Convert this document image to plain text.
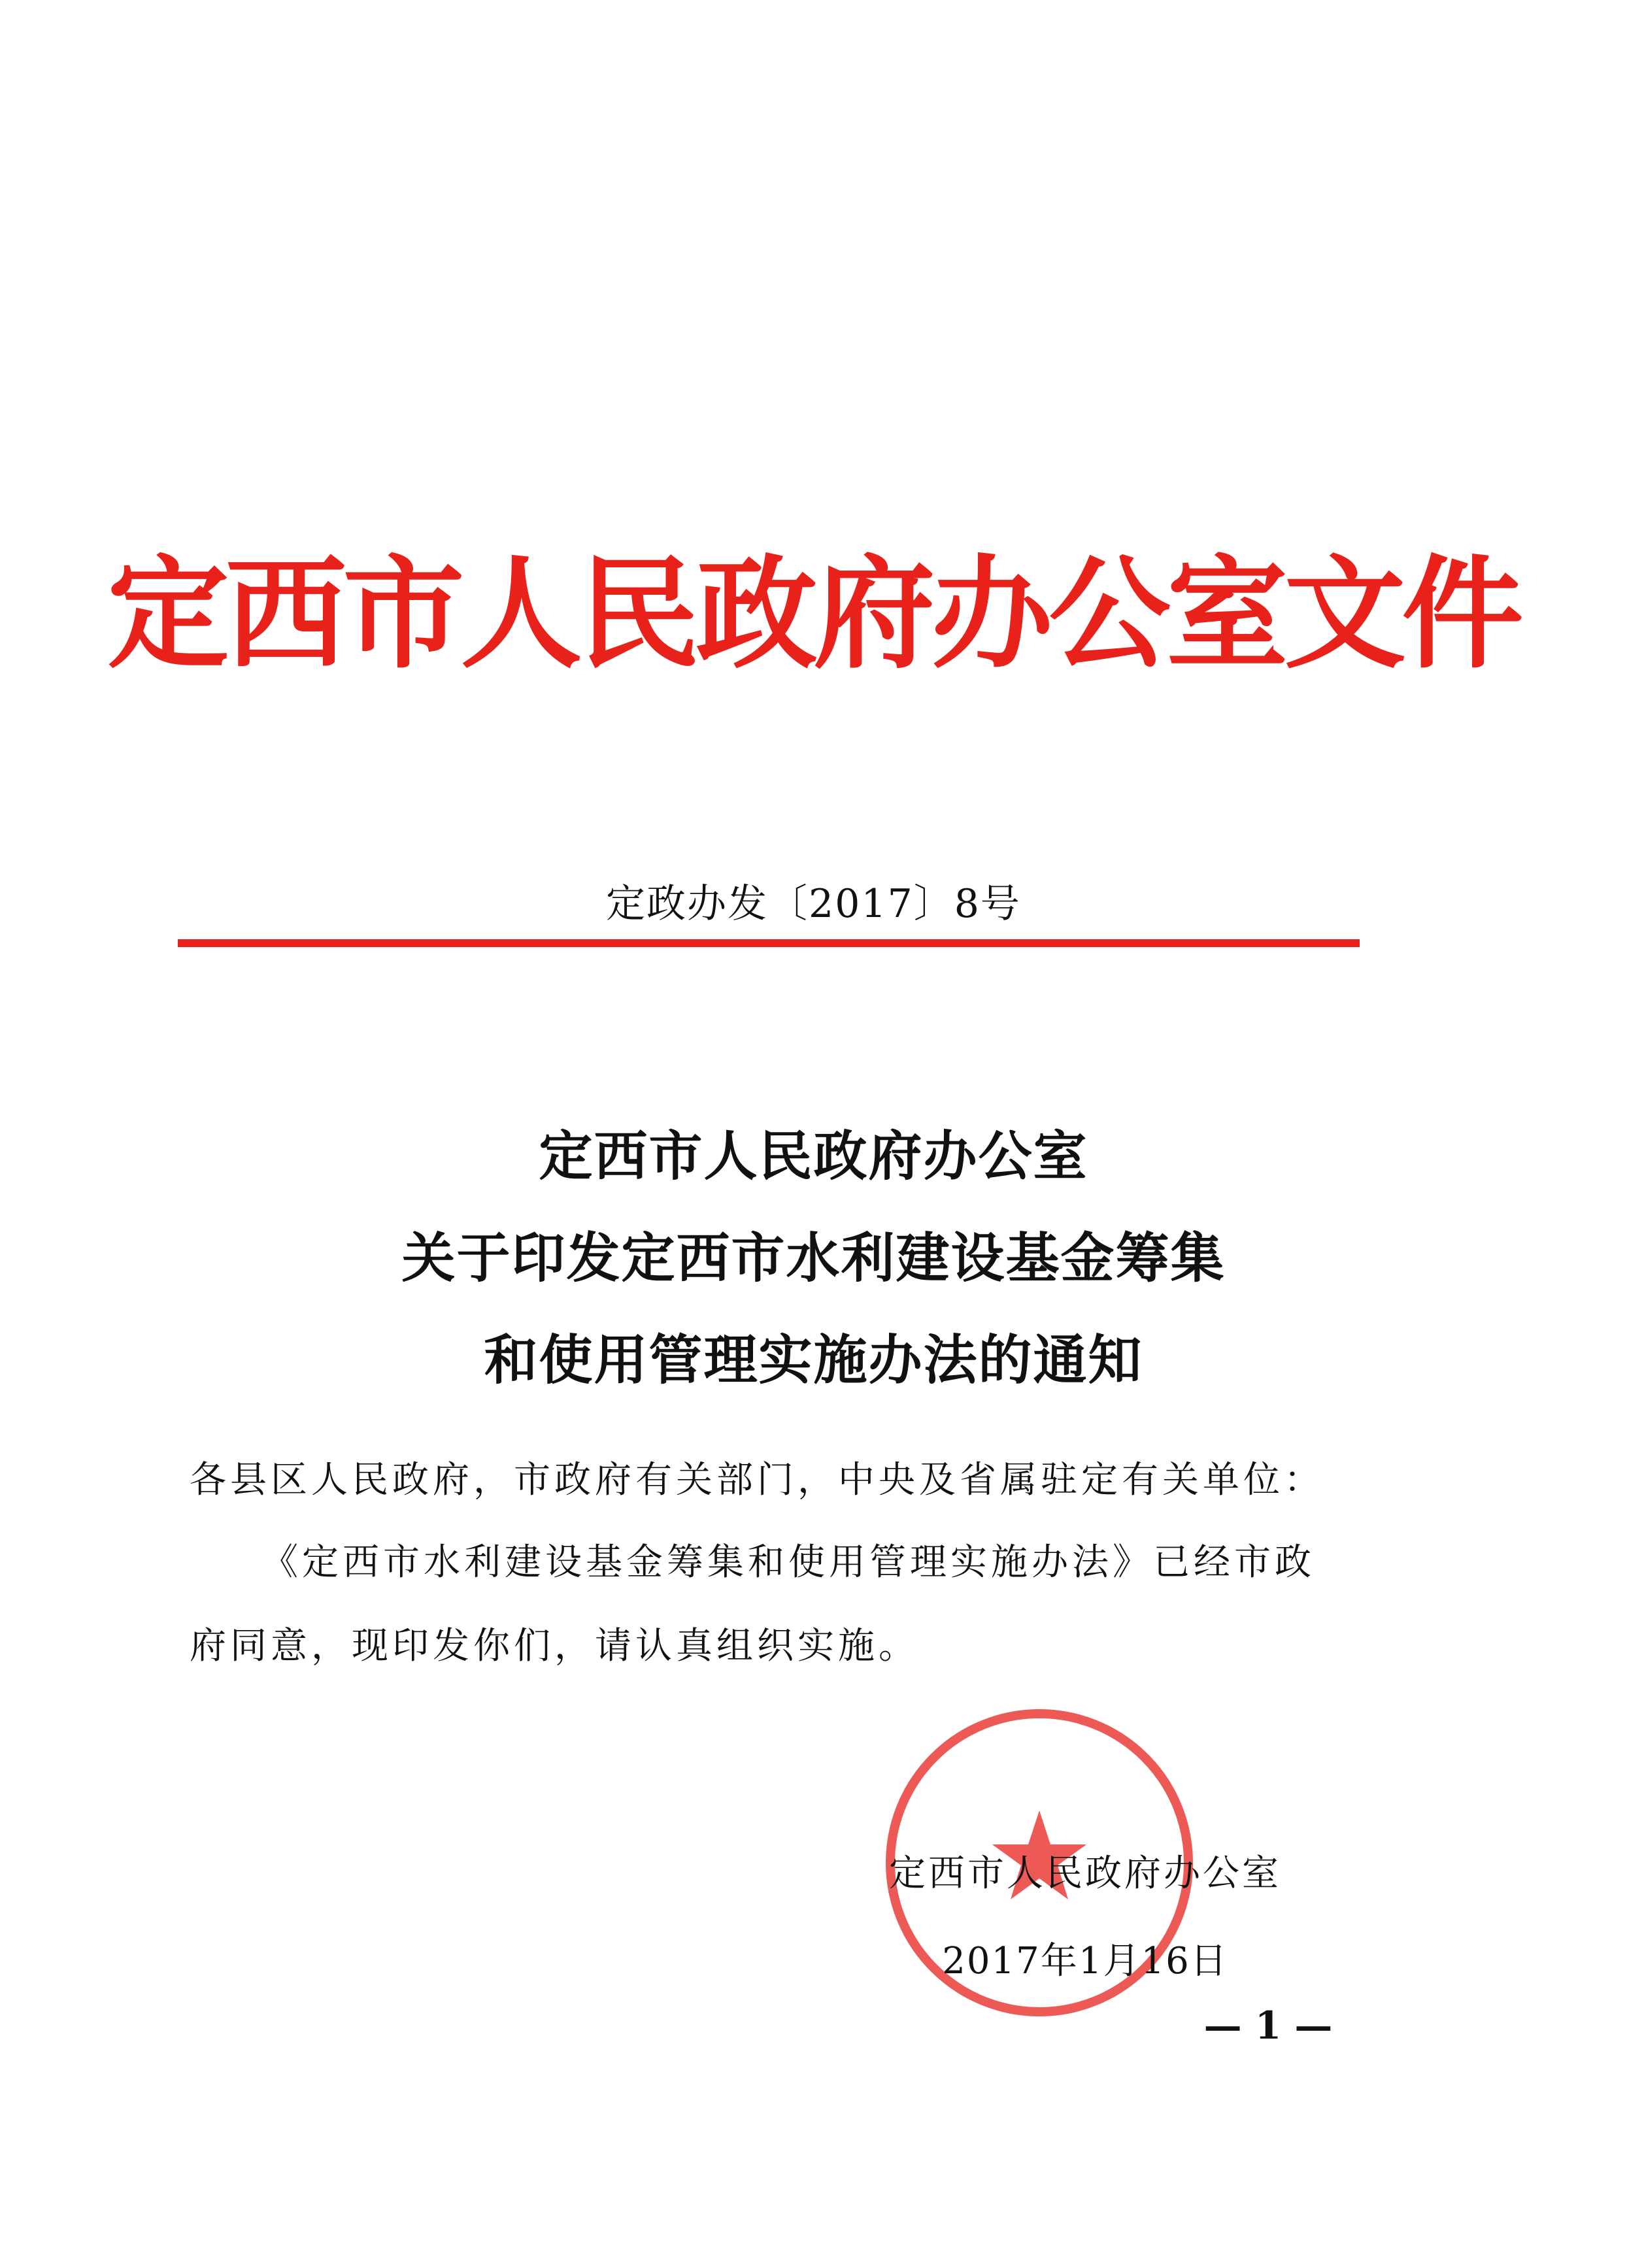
定西市人民政府办公室文件
定政办发〔2017〕8号
定西市人民政府办公室
关于印发定西市水利建设基金筹集
和使用管理实施办法的通知
各县区人民政府，市政府有关部门，中央及省属驻定有关单位：
《定西市水利建设基金筹集和使用管理实施办法》已经市政
府同意，现印发你们，请认真组织实施。
定西市人民政府办公室
2017年1月16日
— 1 —
